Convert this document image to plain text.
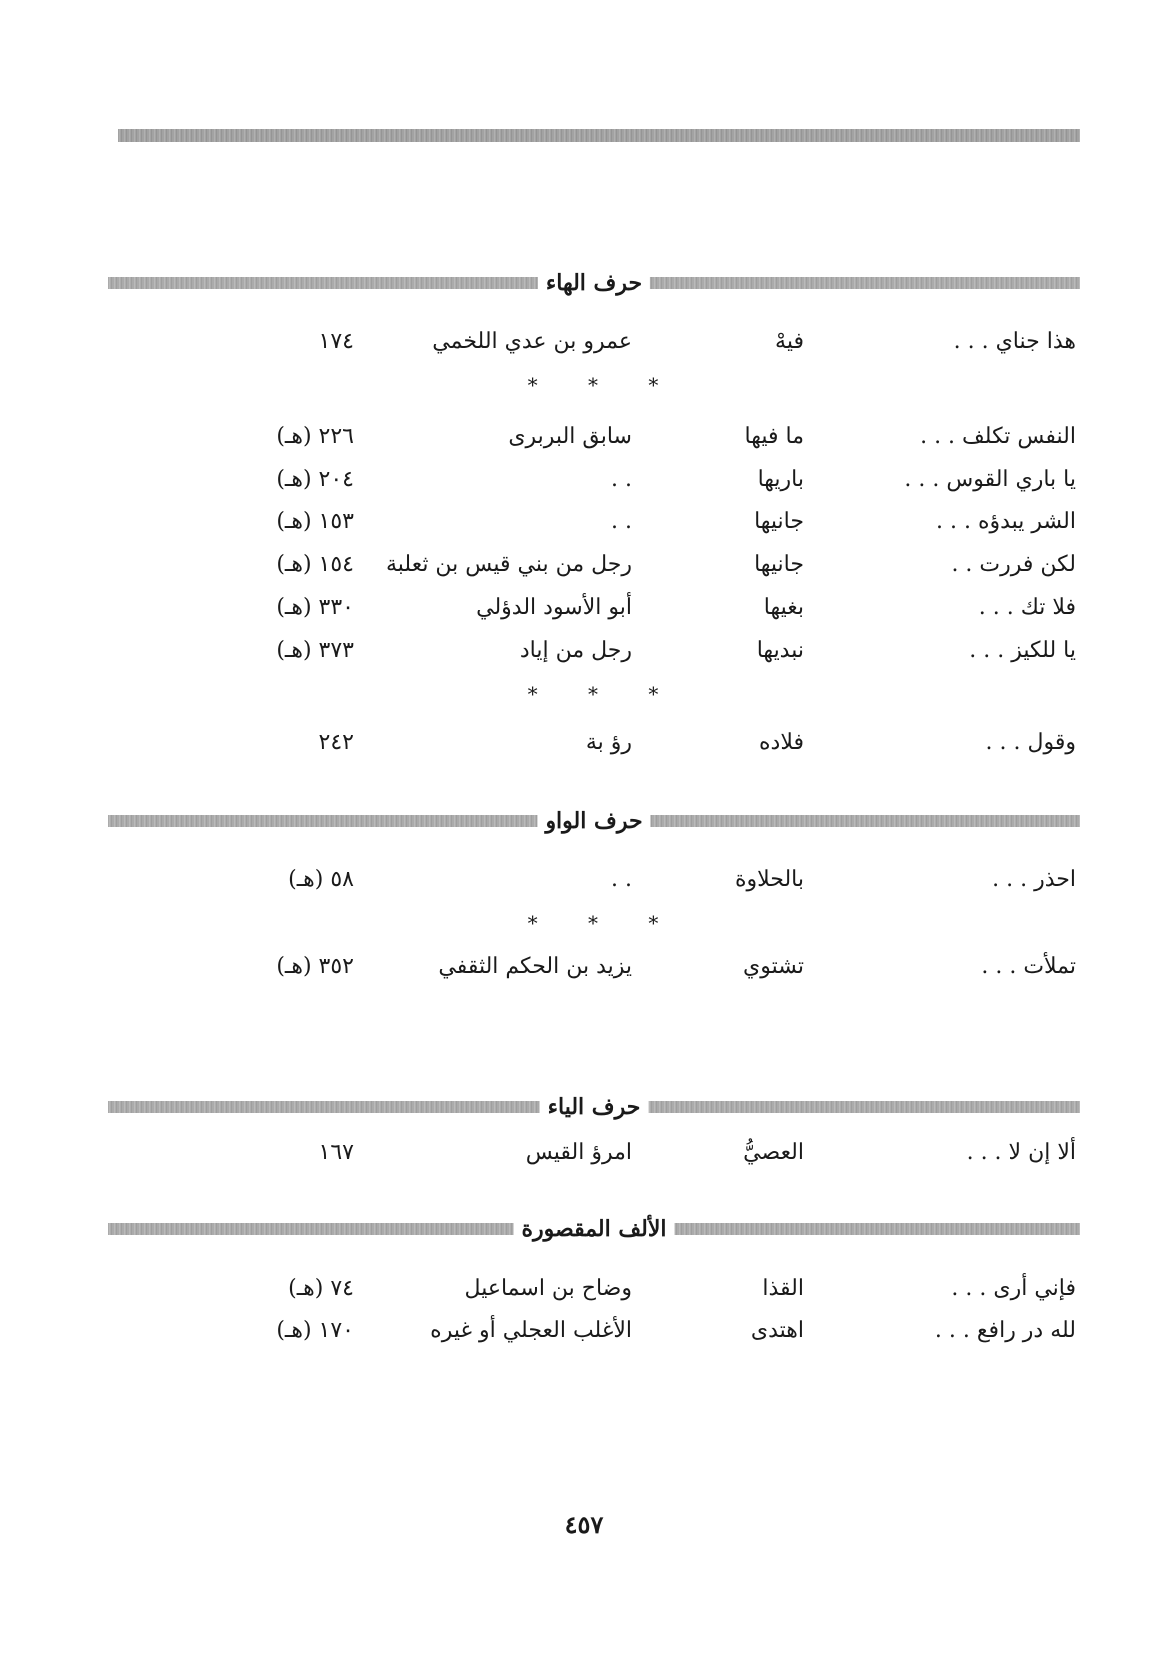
حرف الهاء
هذا جناي . . .
فيهْ
عمرو بن عدي اللخمي
١٧٤
* * *
النفس تكلف . . .
ما فيها
سابق البربرى
٢٢٦ (هـ)
يا باري القوس . . .
باريها
. .
٢٠٤ (هـ)
الشر يبدؤه . . .
جانيها
. .
١٥٣ (هـ)
لكن فررت . .
جانيها
رجل من بني قيس بن ثعلبة
١٥٤ (هـ)
فلا تك . . .
بغيها
أبو الأسود الدؤلي
٣٣٠ (هـ)
يا للكيز . . .
نبديها
رجل من إياد
٣٧٣ (هـ)
* * *
وقول . . .
فلاده
رؤ بة
٢٤٢
حرف الواو
احذر . . .
بالحلاوة
. .
٥٨ (هـ)
* * *
تملأت . . .
تشتوي
يزيد بن الحكم الثقفي
٣٥٢ (هـ)
حرف الياء
ألا إن لا . . .
العصيُّ
امرؤ القيس
١٦٧
الألف المقصورة
فإني أرى . . .
القذا
وضاح بن اسماعيل
٧٤ (هـ)
لله در رافع . . .
اهتدى
الأغلب العجلي أو غيره
١٧٠ (هـ)
٤٥٧
